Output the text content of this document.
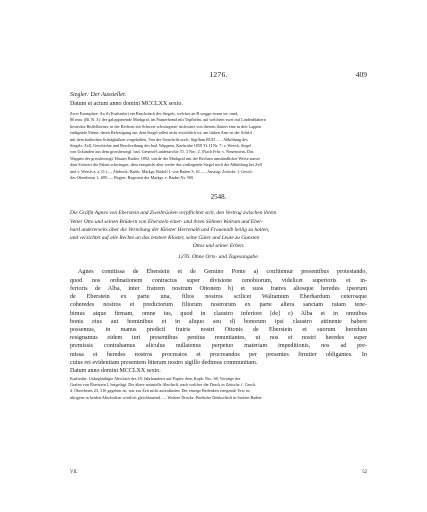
1276.	409
Siegler: Der Aussteller.
Datum et actum anno domini MCCLXX sexto.

Zwei Exemplare. An A (Karlsruhe) ein Bruchstück des Siegels, welches an B wegge-rissen ist; rund,
80 mm. (Bl. B. 3): der galoppierende Markgraf, im Panzerhemd mit Topfhelm, auf welchem zwei mit Lindenblättern
besteckte Büffelhörner, in der Rechten ein Schwert schwingend; rückwärts von diesem flattert eine in drei Lappen
endigende Fahne, deren Befestigung aus dem Siegel selbst nicht ersichtlich ist; am linken Arm ist der Schild
mit dem badischen Schrägbalken vorgehalten. Von der Umschrift noch: Sigillum RUD ...... Abbildung des
Siegels: Zell, Geschichte und Beschreibung des bad. Wappens, Karlsruhe 1858 Tf. II Nr. 7; v. Weech, Siegel
von Urkunden aus dem grossherzogl. bad. General-Landesarchiv Tf. 3 Nro. 2. (Nach Frhr. v. Neuenstein, Das
Wappen des grossherzogl. Hauses Baden, 1892, würde der Markgraf mit der Rechten umständlicher Weise ausser
dem Schwert die Fahne schwingen; dem entspricht aber weder das vorliegende Siegel noch die Abbildung bei Zell
und v. Weech a. a. O.) — Abdruck: Bader, Markgr. Rudolf I. von Baden S. 61. — Auszug: Zeitschr. f. Gesch.
des Oberrheins 1, 489. — Regest: Regesten der Markgr. v. Baden Nr. 500.

2548.

Die Gräfin Agnes von Eberstein und Zweibrücken verpflichtet sich, den Vertrag zwischen ihrem
Vetter Otto und seinen Brüdern von Eberstein einer- und ihren Söhnen Walram und Eber-
hard andererseits über die Verteilung der Klöster Herrenalb und Frauenalb heilig zu halten,
und verzichtet auf alle Rechte an das letztere Kloster, seine Güter und Leute zu Gunsten
Ottos und seiner Erben.

1276. Ohne Orts- und Tagesangabe.

Agnes comitissa de Eberstein et de Gemino Ponte a) confitemur presentibus protestando,
quod nos ordinationem contractus super divisione cenobiorum, videlicet superioris et in-
ferioris de Alba, inter fratrem nostrum Ottonem b) et suos fratres aliosque heredes ipsorum
de Eberstein ex parte una, filios nostros scilicet Walramum Eberhardum ceterosque
coheredes nostros et predictorum filiorum nostrorum ex parte altera sanctam ratam tene-
bimus atque firmam, omne ius, quod in claustro inferiore [de] c) Alba et in omnibus
bonis eius aut hominibus et in aliquo seu d) bonorum ipsi claustro attinente habere
possemus, in manus predicti fratris nostri Ottonis de Eberstein et suorum heredum
resignamus eidem iuri presentibus penitus renuntiantes, ut nos et nostri heredes super
premissis contrahamus aliculus nullatenus perpetuo materiam impeditionis, nos ad pre-
missa et heredes nostros procreatos et procreandos per presentes firmiter obligantes. In
cuius rei evidentiam presentem litteram nostro sigillo dedimus communitam.

Datum anno domini MCCLXX sexto.

Karlsruhe. Unbeglaubigte Abschrift des 18. Jahrhunderts auf Papier, dem Kopb. Nro. 68, Verträge der
Grafen von Eberstein I, beigefügt. Die ältere notarielle Abschrift, nach welcher der Druck in Zeitschr. f. Gesch.
d. Oberrheins 23, 316 gegeben ist, war zur Zeit nicht aufzufinden. Der einzige Bedenken erregende Text ist
übrigens in beiden Abschriften wörtlich gleichlautend. — Weitere Drucke: Badische Denkschrift in Sachen Baden-

VII.	52
